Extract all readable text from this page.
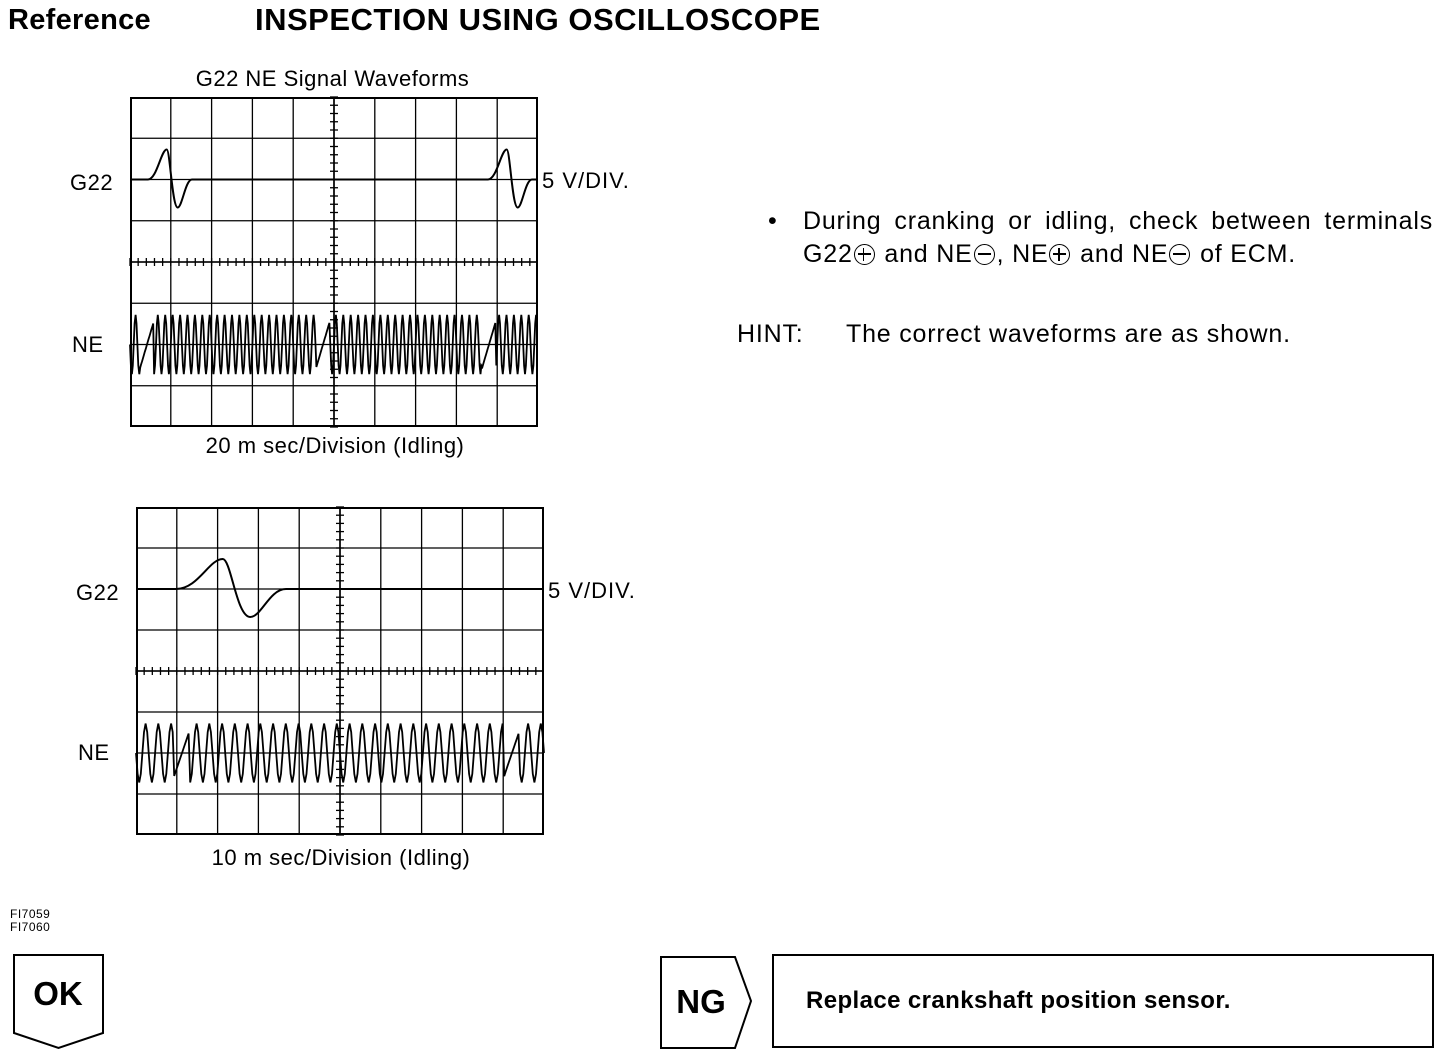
Reference	INSPECTION USING OSCILLOSCOPE
G22 NE Signal Waveforms
G22
NE
5 V/DIV.
20 m sec/Division (Idling)
G22
NE
5 V/DIV.
10 m sec/Division (Idling)
• During cranking or idling, check between terminals G22 and NE , NE and NE of ECM.
HINT: The correct waveforms are as shown.
FI7059
FI7060
OK	NG	Replace crankshaft position sensor.
